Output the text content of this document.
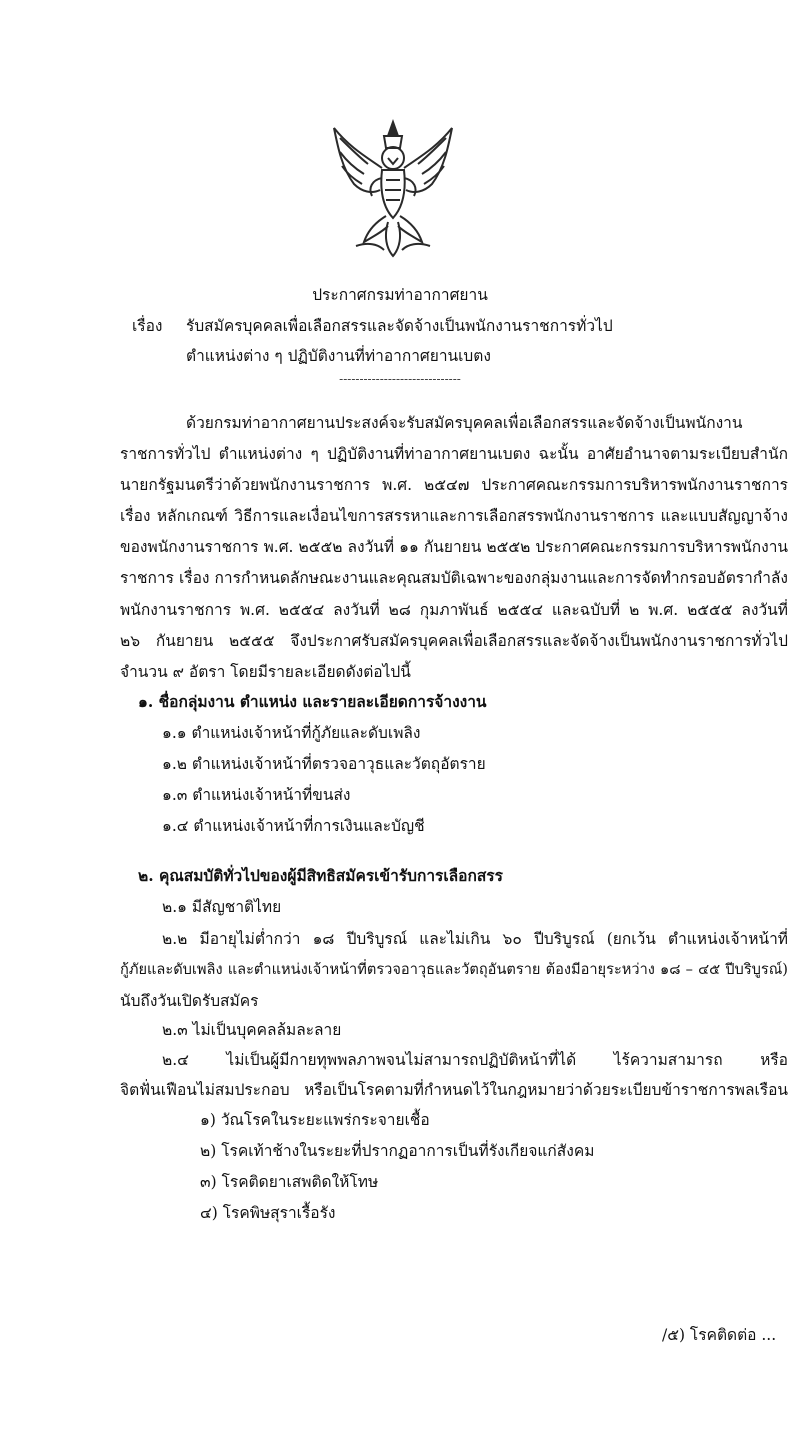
ประกาศกรมท่าอากาศยาน
เรื่อง รับสมัครบุคคลเพื่อเลือกสรรและจัดจ้างเป็นพนักงานราชการทั่วไป
ตำแหน่งต่าง ๆ ปฏิบัติงานที่ท่าอากาศยานเบตง
------------------------------
ด้วยกรมท่าอากาศยานประสงค์จะรับสมัครบุคคลเพื่อเลือกสรรและจัดจ้างเป็นพนักงาน
ราชการทั่วไป ตำแหน่งต่าง ๆ ปฏิบัติงานที่ท่าอากาศยานเบตง ฉะนั้น อาศัยอำนาจตามระเบียบสำนัก
นายกรัฐมนตรีว่าด้วยพนักงานราชการ พ.ศ. ๒๕๔๗ ประกาศคณะกรรมการบริหารพนักงานราชการ
เรื่อง หลักเกณฑ์ วิธีการและเงื่อนไขการสรรหาและการเลือกสรรพนักงานราชการ และแบบสัญญาจ้าง
ของพนักงานราชการ พ.ศ. ๒๕๕๒ ลงวันที่ ๑๑ กันยายน ๒๕๕๒ ประกาศคณะกรรมการบริหารพนักงาน
ราชการ เรื่อง การกำหนดลักษณะงานและคุณสมบัติเฉพาะของกลุ่มงานและการจัดทำกรอบอัตรากำลัง
พนักงานราชการ พ.ศ. ๒๕๕๔ ลงวันที่ ๒๘ กุมภาพันธ์ ๒๕๕๔ และฉบับที่ ๒ พ.ศ. ๒๕๕๕ ลงวันที่
๒๖ กันยายน ๒๕๕๕ จึงประกาศรับสมัครบุคคลเพื่อเลือกสรรและจัดจ้างเป็นพนักงานราชการทั่วไป
จำนวน ๙ อัตรา โดยมีรายละเอียดดังต่อไปนี้
๑. ชื่อกลุ่มงาน ตำแหน่ง และรายละเอียดการจ้างงาน
๑.๑ ตำแหน่งเจ้าหน้าที่กู้ภัยและดับเพลิง
๑.๒ ตำแหน่งเจ้าหน้าที่ตรวจอาวุธและวัตถุอัตราย
๑.๓ ตำแหน่งเจ้าหน้าที่ขนส่ง
๑.๔ ตำแหน่งเจ้าหน้าที่การเงินและบัญชี
๒. คุณสมบัติทั่วไปของผู้มีสิทธิสมัครเข้ารับการเลือกสรร
๒.๑ มีสัญชาติไทย
๒.๒ มีอายุไม่ต่ำกว่า ๑๘ ปีบริบูรณ์ และไม่เกิน ๖๐ ปีบริบูรณ์ (ยกเว้น ตำแหน่งเจ้าหน้าที่
กู้ภัยและดับเพลิง และตำแหน่งเจ้าหน้าที่ตรวจอาวุธและวัตถุอันตราย ต้องมีอายุระหว่าง ๑๘ – ๔๕ ปีบริบูรณ์)
นับถึงวันเปิดรับสมัคร
๒.๓ ไม่เป็นบุคคลล้มละลาย
๒.๔ ไม่เป็นผู้มีกายทุพพลภาพจนไม่สามารถปฏิบัติหน้าที่ได้ ไร้ความสามารถ หรือ
จิตฟั่นเฟือนไม่สมประกอบ หรือเป็นโรคตามที่กำหนดไว้ในกฎหมายว่าด้วยระเบียบข้าราชการพลเรือน
๑) วัณโรคในระยะแพร่กระจายเชื้อ
๒) โรคเท้าช้างในระยะที่ปรากฏอาการเป็นที่รังเกียจแก่สังคม
๓) โรคติดยาเสพติดให้โทษ
๔) โรคพิษสุราเรื้อรัง
/๕) โรคติดต่อ ...
